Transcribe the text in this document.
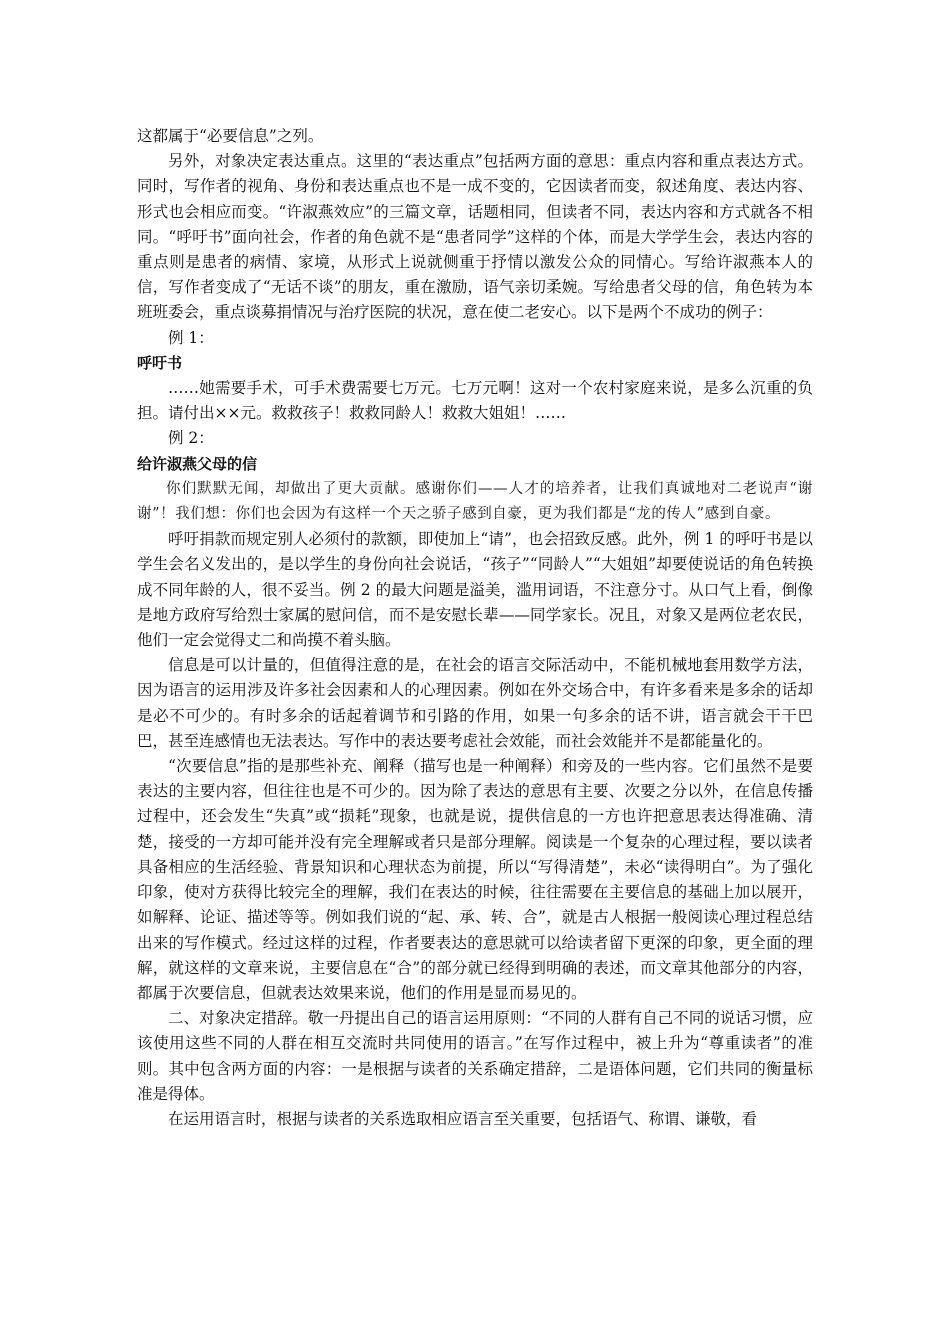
这都属于“必要信息”之列。

另外，对象决定表达重点。这里的“表达重点”包括两方面的意思：重点内容和重点表达方式。同时，写作者的视角、身份和表达重点也不是一成不变的，它因读者而变，叙述角度、表达内容、形式也会相应而变。“许淑燕效应”的三篇文章，话题相同，但读者不同，表达内容和方式就各不相同。“呼吁书”面向社会，作者的角色就不是“患者同学”这样的个体，而是大学学生会，表达内容的重点则是患者的病情、家境，从形式上说就侧重于抒情以激发公众的同情心。写给许淑燕本人的信，写作者变成了“无话不谈”的朋友，重在激励，语气亲切柔婉。写给患者父母的信，角色转为本班班委会，重点谈募捐情况与治疗医院的状况，意在使二老安心。以下是两个不成功的例子：

例 1：

呼吁书

……她需要手术，可手术费需要七万元。七万元啊！这对一个农村家庭来说，是多么沉重的负担。请付出××元。救救孩子！救救同龄人！救救大姐姐！……

例 2：

给许淑燕父母的信

你们默默无闻，却做出了更大贡献。感谢你们——人才的培养者，让我们真诚地对二老说声“谢谢”！我们想：你们也会因为有这样一个天之骄子感到自豪，更为我们都是“龙的传人”感到自豪。

呼吁捐款而规定别人必须付的款额，即使加上“请”，也会招致反感。此外，例 1 的呼吁书是以学生会名义发出的，是以学生的身份向社会说话，“孩子”“同龄人”“大姐姐”却要使说话的角色转换成不同年龄的人，很不妥当。例 2 的最大问题是溢美，滥用词语，不注意分寸。从口气上看，倒像是地方政府写给烈士家属的慰问信，而不是安慰长辈——同学家长。况且，对象又是两位老农民，他们一定会觉得丈二和尚摸不着头脑。

信息是可以计量的，但值得注意的是，在社会的语言交际活动中，不能机械地套用数学方法，因为语言的运用涉及许多社会因素和人的心理因素。例如在外交场合中，有许多看来是多余的话却是必不可少的。有时多余的话起着调节和引路的作用，如果一句多余的话不讲，语言就会干干巴巴，甚至连感情也无法表达。写作中的表达要考虑社会效能，而社会效能并不是都能量化的。

“次要信息”指的是那些补充、阐释（描写也是一种阐释）和旁及的一些内容。它们虽然不是要表达的主要内容，但往往也是不可少的。因为除了表达的意思有主要、次要之分以外，在信息传播过程中，还会发生“失真”或“损耗”现象，也就是说，提供信息的一方也许把意思表达得准确、清楚，接受的一方却可能并没有完全理解或者只是部分理解。阅读是一个复杂的心理过程，要以读者具备相应的生活经验、背景知识和心理状态为前提，所以“写得清楚”，未必“读得明白”。为了强化印象，使对方获得比较完全的理解，我们在表达的时候，往往需要在主要信息的基础上加以展开，如解释、论证、描述等等。例如我们说的“起、承、转、合”，就是古人根据一般阅读心理过程总结出来的写作模式。经过这样的过程，作者要表达的意思就可以给读者留下更深的印象，更全面的理解，就这样的文章来说，主要信息在“合”的部分就已经得到明确的表述，而文章其他部分的内容，都属于次要信息，但就表达效果来说，他们的作用是显而易见的。

二、对象决定措辞。敬一丹提出自己的语言运用原则：“不同的人群有自己不同的说话习惯，应该使用这些不同的人群在相互交流时共同使用的语言。”在写作过程中，被上升为“尊重读者”的准则。其中包含两方面的内容：一是根据与读者的关系确定措辞，二是语体问题，它们共同的衡量标准是得体。

在运用语言时，根据与读者的关系选取相应语言至关重要，包括语气、称谓、谦敬，看
